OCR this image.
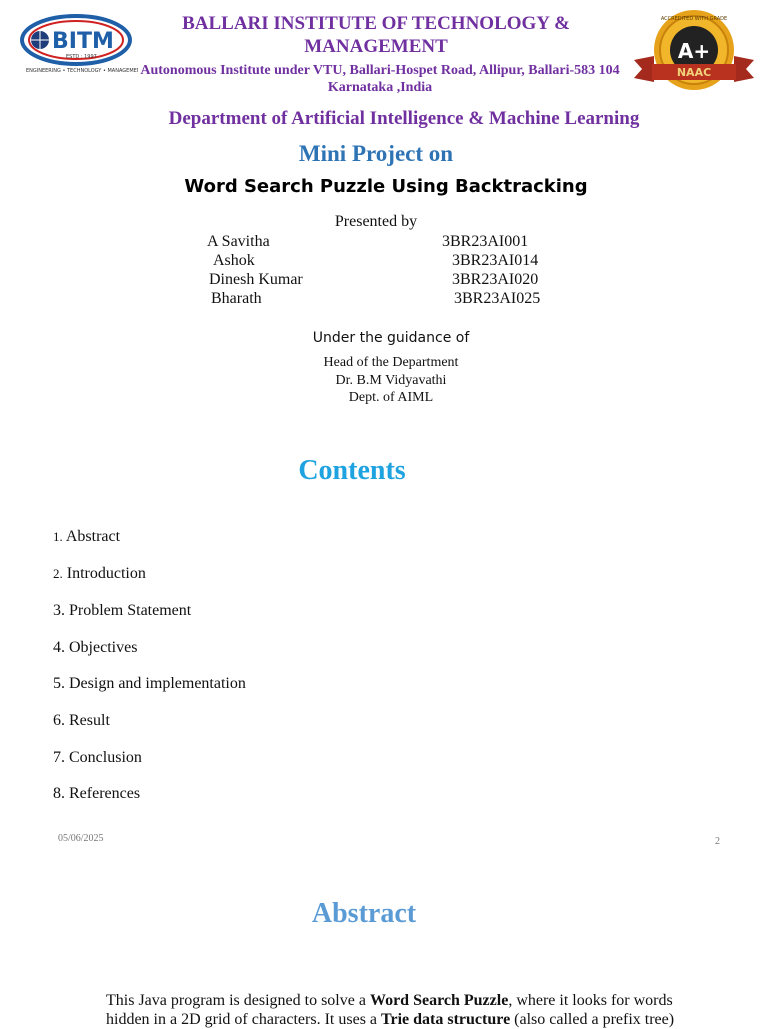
BITM
ESTD : 1997
ENGINEERING • TECHNOLOGY • MANAGEMENT
ACCREDITED WITH GRADE
A+
NAAC
BALLARI INSTITUTE OF TECHNOLOGY & MANAGEMENT
Autonomous Institute under VTU, Ballari-Hospet Road, Allipur, Ballari-583 104 Karnataka ,India
Department of Artificial Intelligence & Machine Learning
Mini Project on
Word Search Puzzle Using Backtracking
Presented by
A Savitha	3BR23AI001
Ashok	3BR23AI014
Dinesh Kumar	3BR23AI020
Bharath	3BR23AI025
Under the guidance of
Head of the Department
Dr. B.M Vidyavathi
Dept. of AIML
Contents
1. Abstract
2. Introduction
3. Problem Statement
4. Objectives
5. Design and implementation
6. Result
7. Conclusion
8. References
05/06/2025	2
Abstract
This Java program is designed to solve a Word Search Puzzle, where it looks for words hidden in a 2D grid of characters. It uses a Trie data structure (also called a prefix tree)
